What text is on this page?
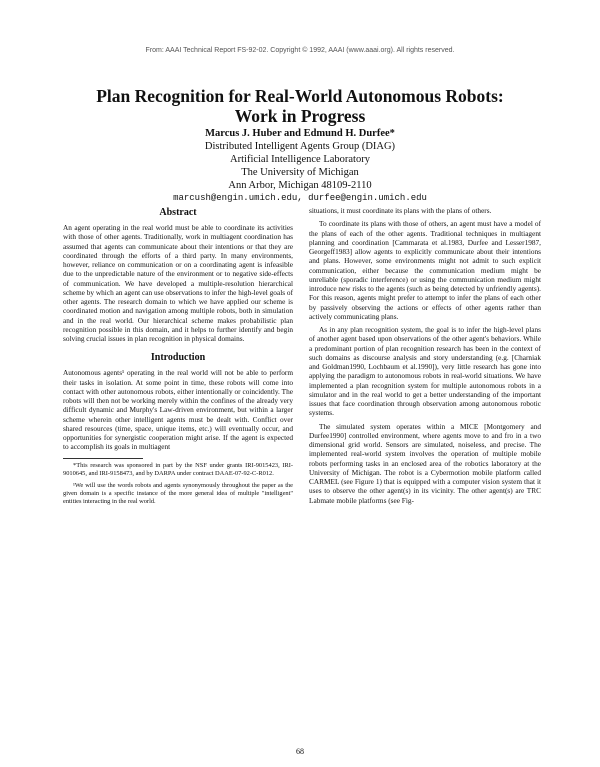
From: AAAI Technical Report FS-92-02. Copyright © 1992, AAAI (www.aaai.org). All rights reserved.
Plan Recognition for Real-World Autonomous Robots:
Work in Progress
Marcus J. Huber and Edmund H. Durfee*
Distributed Intelligent Agents Group (DIAG)
Artificial Intelligence Laboratory
The University of Michigan
Ann Arbor, Michigan 48109-2110
marcush@engin.umich.edu, durfee@engin.umich.edu
Abstract

An agent operating in the real world must be able to coordinate its activities with those of other agents. Traditionally, work in multiagent coordination has assumed that agents can communicate about their intentions or that they are coordinated through the efforts of a third party. In many environments, however, reliance on communication or on a coordinating agent is infeasible due to the unpredictable nature of the environment or to negative side-effects of communication. We have developed a multiple-resolution hierarchical scheme by which an agent can use observations to infer the high-level goals of other agents. The research domain to which we have applied our scheme is coordinated motion and navigation among multiple robots, both in simulation and in the real world. Our hierarchical scheme makes probabilistic plan recognition possible in this domain, and it helps to further identify and begin solving crucial issues in plan recognition in physical domains.

Introduction

Autonomous agents¹ operating in the real world will not be able to perform their tasks in isolation. At some point in time, these robots will come into contact with other autonomous robots, either intentionally or coincidently. The robots will then not be working merely within the confines of the already very difficult dynamic and Murphy's Law-driven environment, but within a larger scheme wherein other intelligent agents must be dealt with. Conflict over shared resources (time, space, unique items, etc.) will eventually occur, and opportunities for synergistic cooperation might arise. If the agent is expected to accomplish its goals in multiagent

*This research was sponsored in part by the NSF under grants IRI-9015423, IRI-9010645, and IRI-9158473, and by DARPA under contract DAAE-07-92-C-R012.

¹We will use the words robots and agents synonymously throughout the paper as the given domain is a specific instance of the more general idea of multiple "intelligent" entities interacting in the real world.

situations, it must coordinate its plans with the plans of others.

To coordinate its plans with those of others, an agent must have a model of the plans of each of the other agents. Traditional techniques in multiagent planning and coordination [Cammarata et al.1983, Durfee and Lesser1987, Georgeff1983] allow agents to explicitly communicate about their intentions and plans. However, some environments might not admit to such explicit communication, either because the communication medium might be unreliable (sporadic interference) or using the communication medium might introduce new risks to the agents (such as being detected by unfriendly agents). For this reason, agents might prefer to attempt to infer the plans of each other by passively observing the actions or effects of other agents rather than actively communicating plans.

As in any plan recognition system, the goal is to infer the high-level plans of another agent based upon observations of the other agent's behaviors. While a predominant portion of plan recognition research has been in the context of such domains as discourse analysis and story understanding (e.g. [Charniak and Goldman1990, Lochbaum et al.1990]), very little research has gone into applying the paradigm to autonomous robots in real-world situations. We have implemented a plan recognition system for multiple autonomous robots in a simulator and in the real world to get a better understanding of the important issues that face coordination through observation among autonomous robotic systems.

The simulated system operates within a MICE [Montgomery and Durfee1990] controlled environment, where agents move to and fro in a two dimensional grid world. Sensors are simulated, noiseless, and precise. The implemented real-world system involves the operation of multiple mobile robots performing tasks in an enclosed area of the robotics laboratory at the University of Michigan. The robot is a Cybermotion mobile platform called CARMEL (see Figure 1) that is equipped with a computer vision system that it uses to observe the other agent(s) in its vicinity. The other agent(s) are TRC Labmate mobile platforms (see Fig-

68
